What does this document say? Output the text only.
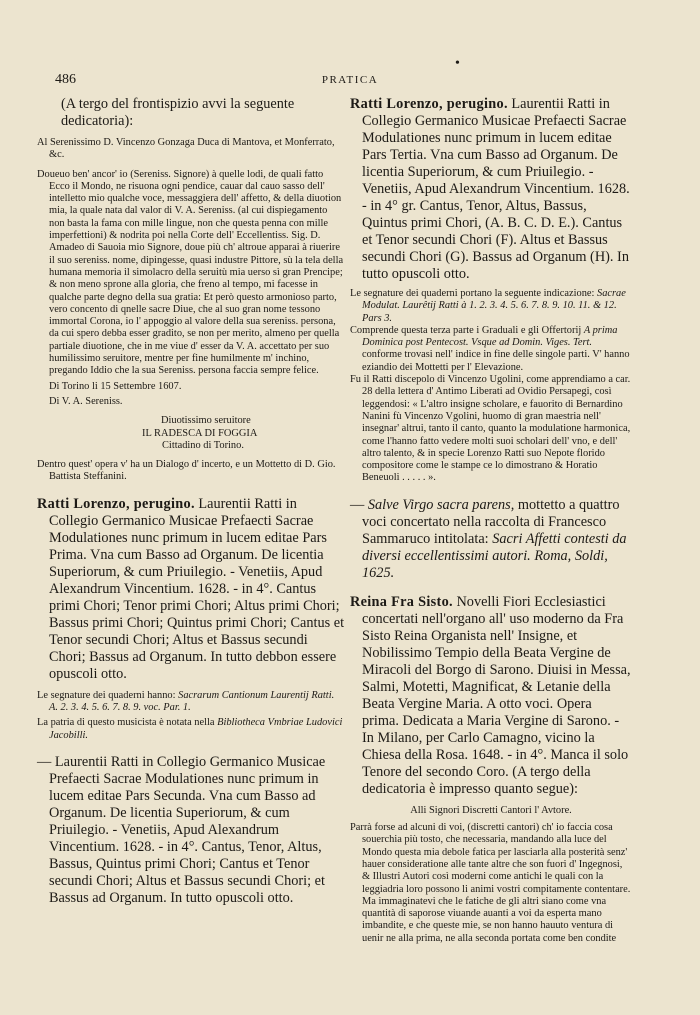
486	PRATICA
•

(A tergo del frontispizio avvi la seguente dedicatoria):

Al Serenissimo D. Vincenzo Gonzaga Duca di Mantova, et Monferrato, &c.

Doueuo ben' ancor' io (Sereniss. Signore) à quelle lodi, de quali fatto Ecco il Mondo, ne risuona ogni pendice, cauar dal cauo sasso dell' intelletto mio qualche voce, messaggiera dell' affetto, & della diuotion mia, la quale nata dal valor di V. A. Sereniss. (al cui dispiegamento non basta la fama con mille lingue, non che questa penna con mille imperfettioni) & nodrita poi nella Corte dell' Eccellentiss. Sig. D. Amadeo di Sauoia mio Signore, doue più ch' altroue apparai à riuerire il suo sereniss. nome, dipingesse, quasi industre Pittore, sù la tela della humana memoria il simolacro della seruitù mia uerso sì gran Prencipe; & non meno sprone alla gloria, che freno al tempo, mi facesse in qualche parte degno della sua gratia: Et però questo armonioso parto, vero concento di qnelle sacre Diue, che al suo gran nome tessono immortal Corona, io l' appoggio al valore della sua sereniss. persona, da cui spero debba esser gradito, se non per merito, almeno per quella partiale diuotione, che in me viue d' esser da V. A. accettato per suo humilissimo seruitore, mentre per fine humilmente m' inchino, pregando Iddio che la sua Sereniss. persona faccia sempre felice.

Di Torino li 15 Settembre 1607.

Di V. A. Sereniss.

Diuotissimo seruitore

IL RADESCA DI FOGGIA

Cittadino di Torino.

Dentro quest' opera v' ha un Dialogo d' incerto, e un Mottetto di D. Gio. Battista Steffanini.

Ratti Lorenzo, perugino. Laurentii Ratti in Collegio Germanico Musicae Prefaecti Sacrae Modulationes nunc primum in lucem editae Pars Prima. Vna cum Basso ad Organum. De licentia Superiorum, & cum Priuilegio. - Venetiis, Apud Alexandrum Vincentium. 1628. - in 4°. Cantus primi Chori; Tenor primi Chori; Altus primi Chori; Bassus primi Chori; Quintus primi Chori; Cantus et Tenor secundi Chori; Altus et Bassus secundi Chori; Bassus ad Organum. In tutto debbon essere opuscoli otto.

Le segnature dei quaderni hanno: Sacrarum Cantionum Laurentij Ratti. A. 2. 3. 4. 5. 6. 7. 8. 9. voc. Par. 1.

La patria di questo musicista è notata nella Bibliotheca Vmbriae Ludovici Jacobilli.

— Laurentii Ratti in Collegio Germanico Musicae Prefaecti Sacrae Modulationes nunc primum in lucem editae Pars Secunda. Vna cum Basso ad Organum. De licentia Superiorum, & cum Priuilegio. - Venetiis, Apud Alexandrum Vincentium. 1628. - in 4°. Cantus, Tenor, Altus, Bassus, Quintus primi Chori; Cantus et Tenor secundi Chori; Altus et Bassus secundi Chori; et Bassus ad Organum. In tutto opuscoli otto.

Ratti Lorenzo, perugino. Laurentii Ratti in Collegio Germanico Musicae Prefaecti Sacrae Modulationes nunc primum in lucem editae Pars Tertia. Vna cum Basso ad Organum. De licentia Superiorum, & cum Priuilegio. - Venetiis, Apud Alexandrum Vincentium. 1628. - in 4° gr. Cantus, Tenor, Altus, Bassus, Quintus primi Chori, (A. B. C. D. E.). Cantus et Tenor secundi Chori (F). Altus et Bassus secundi Chori (G). Bassus ad Organum (H). In tutto opuscoli otto.

Le segnature dei quaderni portano la seguente indicazione: Sacrae Modulat. Laurêtij Ratti à 1. 2. 3. 4. 5. 6. 7. 8. 9. 10. 11. & 12. Pars 3.

Comprende questa terza parte i Graduali e gli Offertorij A prima Dominica post Pentecost. Vsque ad Domin. Viges. Tert. conforme trovasi nell' indice in fine delle singole parti. V' hanno eziandio dei Mottetti per l' Elevazione.

Fu il Ratti discepolo di Vincenzo Ugolini, come apprendiamo a car. 28 della lettera d' Antimo Liberati ad Ovidio Persapegi, così leggendosi: « L'altro insigne scholare, e fauorito di Bernardino Nanini fù Vincenzo Vgolini, huomo di gran maestria nell' insegnar' altrui, tanto il canto, quanto la modulatione harmonica, come l'hanno fatto vedere molti suoi scholari dell' vno, e dell' altro talento, & in specie Lorenzo Ratti suo Nepote florido compositore come le stampe ce lo dimostrano & Horatio Beneuoli . . . . . ».

— Salve Virgo sacra parens, mottetto a quattro voci concertato nella raccolta di Francesco Sammaruco intitolata: Sacri Affetti contesti da diversi eccellentissimi autori. Roma, Soldi, 1625.

Reina Fra Sisto. Novelli Fiori Ecclesiastici concertati nell'organo all' uso moderno da Fra Sisto Reina Organista nell' Insigne, et Nobilissimo Tempio della Beata Vergine de Miracoli del Borgo di Sarono. Diuisi in Messa, Salmi, Motetti, Magnificat, & Letanie della Beata Vergine Maria. A otto voci. Opera prima. Dedicata a Maria Vergine di Sarono. - In Milano, per Carlo Camagno, vicino la Chiesa della Rosa. 1648. - in 4°. Manca il solo Tenore del secondo Coro. (A tergo della dedicatoria è impresso quanto segue):

Alli Signori Discretti Cantori l' Avtore.

Parrà forse ad alcuni di voi, (discretti cantori) ch' io faccia cosa souerchia più tosto, che necessaria, mandando alla luce del Mondo questa mia debole fatica per lasciarla alla posterità senz' hauer consideratione alle tante altre che son fuori d' Ingegnosi, & Illustri Autori così moderni come antichi le quali con la leggiadria loro possono li animi vostri compitamente contentare. Ma immaginatevi che le fatiche de gli altri siano come vna quantità di saporose viuande auanti a voi da esperta mano imbandite, e che queste mie, se non hanno hauuto ventura di uenir ne alla prima, ne alla seconda portata come ben condite
